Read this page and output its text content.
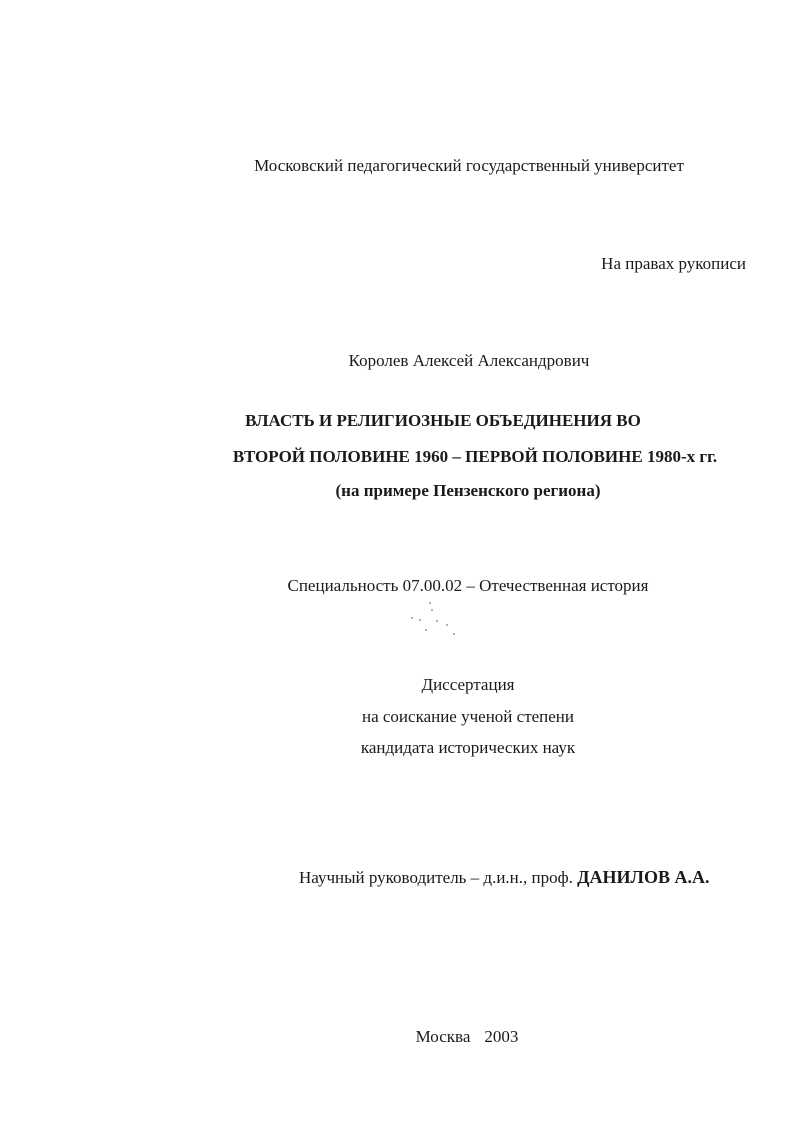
Московский педагогический государственный университет
На правах рукописи
Королев Алексей Александрович
ВЛАСТЬ И РЕЛИГИОЗНЫЕ ОБЪЕДИНЕНИЯ ВО
ВТОРОЙ ПОЛОВИНЕ 1960 – ПЕРВОЙ ПОЛОВИНЕ 1980-х гг.
(на примере Пензенского региона)
Специальность 07.00.02 – Отечественная история
Диссертация
на соискание ученой степени
кандидата исторических наук
Научный руководитель – д.и.н., проф. ДАНИЛОВ А.А.
Москва 2003
